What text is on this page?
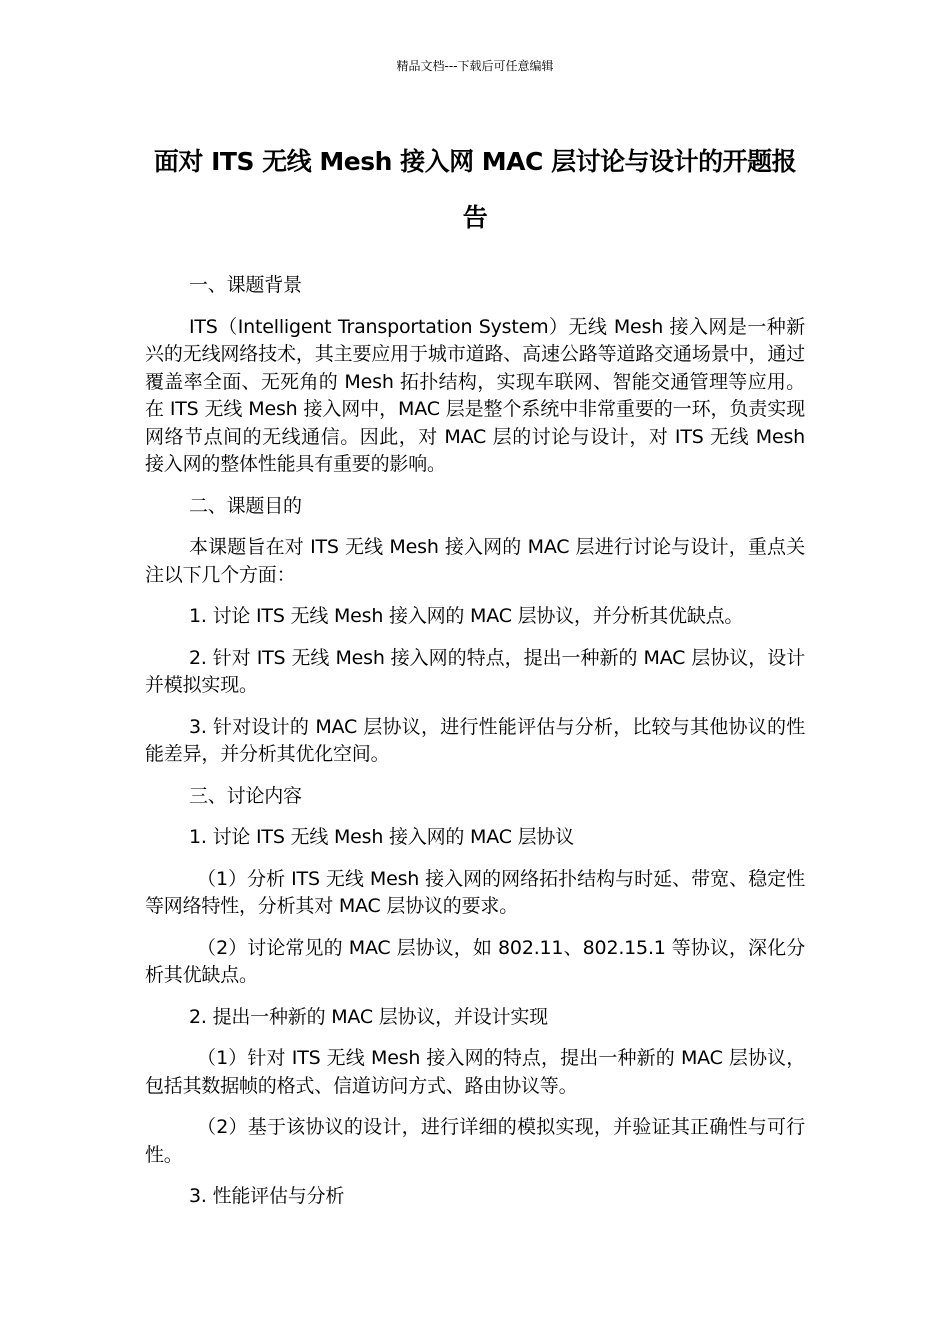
精品文档---下载后可任意编辑
面对 ITS 无线 Mesh 接入网 MAC 层讨论与设计的开题报告

一、课题背景

ITS（Intelligent Transportation System）无线 Mesh 接入网是一种新兴的无线网络技术，其主要应用于城市道路、高速公路等道路交通场景中，通过覆盖率全面、无死角的 Mesh 拓扑结构，实现车联网、智能交通管理等应用。在 ITS 无线 Mesh 接入网中，MAC 层是整个系统中非常重要的一环，负责实现网络节点间的无线通信。因此，对 MAC 层的讨论与设计，对 ITS 无线 Mesh 接入网的整体性能具有重要的影响。

二、课题目的

本课题旨在对 ITS 无线 Mesh 接入网的 MAC 层进行讨论与设计，重点关注以下几个方面：

1. 讨论 ITS 无线 Mesh 接入网的 MAC 层协议，并分析其优缺点。

2. 针对 ITS 无线 Mesh 接入网的特点，提出一种新的 MAC 层协议，设计并模拟实现。

3. 针对设计的 MAC 层协议，进行性能评估与分析，比较与其他协议的性能差异，并分析其优化空间。

三、讨论内容

1. 讨论 ITS 无线 Mesh 接入网的 MAC 层协议

（1）分析 ITS 无线 Mesh 接入网的网络拓扑结构与时延、带宽、稳定性等网络特性，分析其对 MAC 层协议的要求。

（2）讨论常见的 MAC 层协议，如 802.11、802.15.1 等协议，深化分析其优缺点。

2. 提出一种新的 MAC 层协议，并设计实现

（1）针对 ITS 无线 Mesh 接入网的特点，提出一种新的 MAC 层协议，包括其数据帧的格式、信道访问方式、路由协议等。

（2）基于该协议的设计，进行详细的模拟实现，并验证其正确性与可行性。

3. 性能评估与分析
